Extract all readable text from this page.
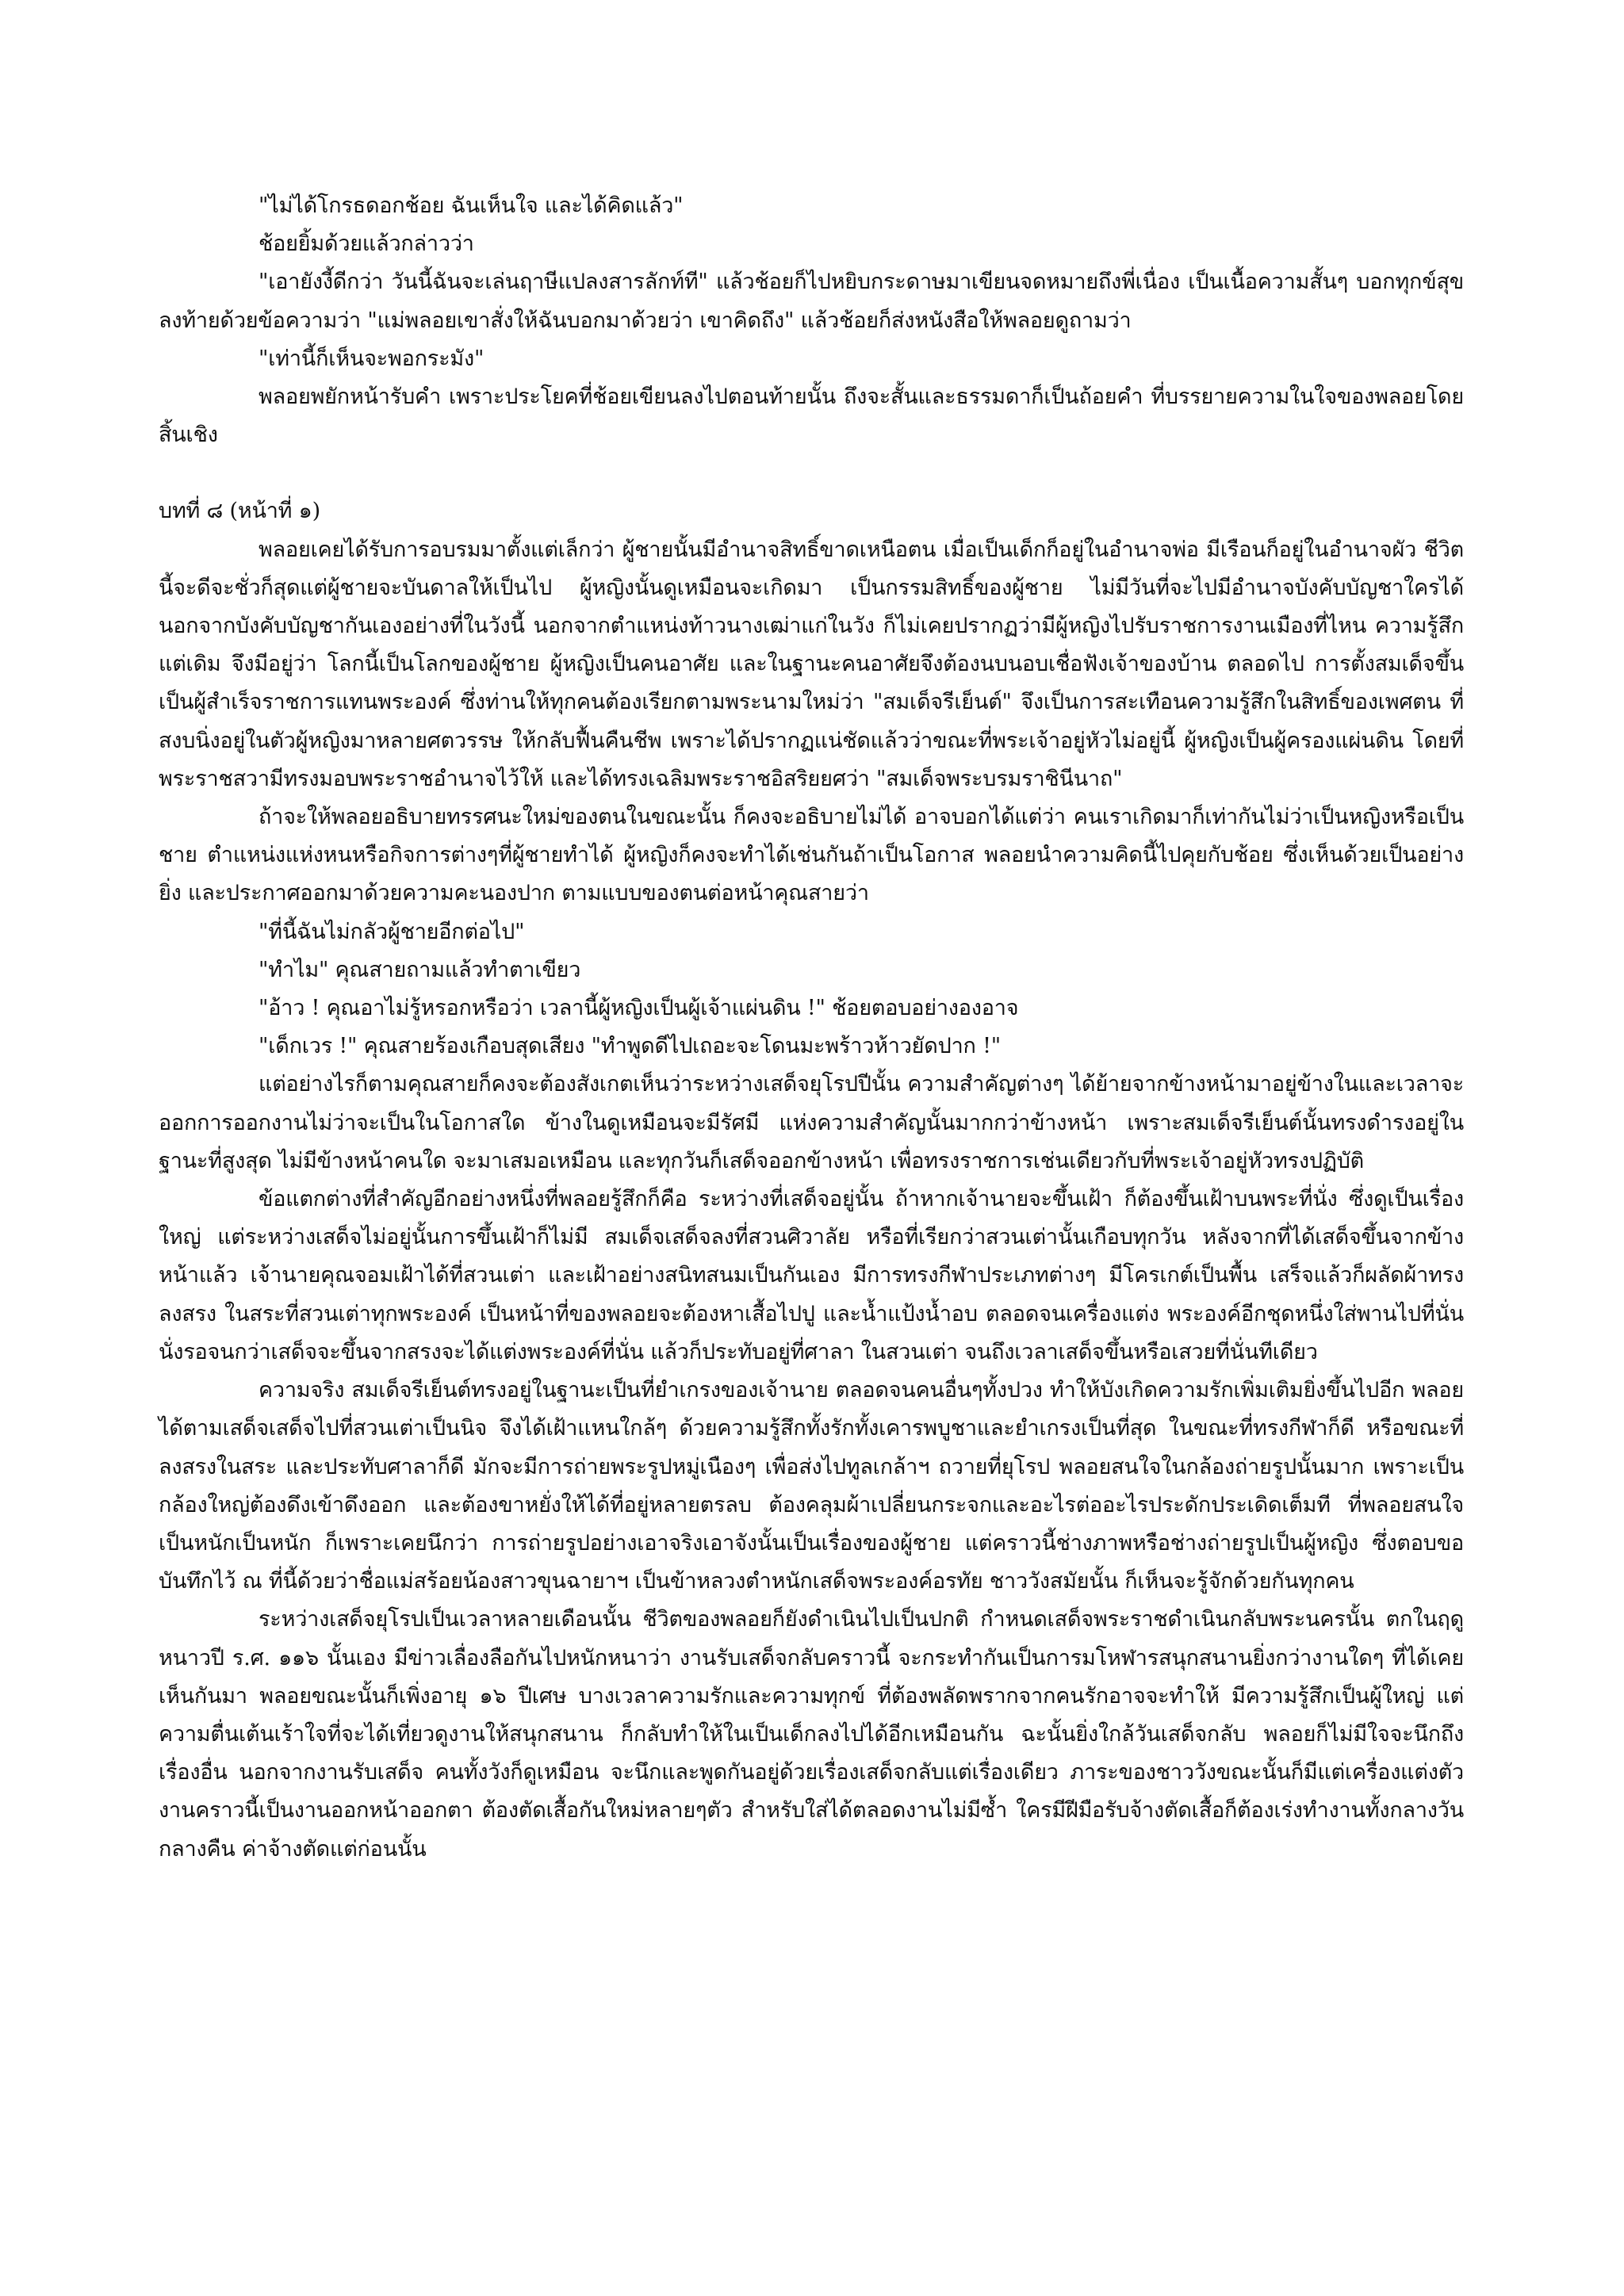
"ไม่ได้โกรธดอกช้อย ฉันเห็นใจ และได้คิดแล้ว"

ช้อยยิ้มด้วยแล้วกล่าวว่า

"เอายังงี้ดีกว่า วันนี้ฉันจะเล่นฤาษีแปลงสารลักท์ที" แล้วช้อยก็ไปหยิบกระดาษมาเขียนจดหมายถึงพี่เนื่อง เป็นเนื้อความสั้นๆ บอกทุกข์สุข ลงท้ายด้วยข้อความว่า "แม่พลอยเขาสั่งให้ฉันบอกมาด้วยว่า เขาคิดถึง" แล้วช้อยก็ส่งหนังสือให้พลอยดูถามว่า

"เท่านี้ก็เห็นจะพอกระมัง"

พลอยพยักหน้ารับคำ เพราะประโยคที่ช้อยเขียนลงไปตอนท้ายนั้น ถึงจะสั้นและธรรมดาก็เป็นถ้อยคำ ที่บรรยายความในใจของพลอยโดยสิ้นเชิง

บทที่ ๘ (หน้าที่ ๑)

พลอยเคยได้รับการอบรมมาตั้งแต่เล็กว่า ผู้ชายนั้นมีอำนาจสิทธิ์ขาดเหนือตน เมื่อเป็นเด็กก็อยู่ในอำนาจพ่อ มีเรือนก็อยู่ในอำนาจผัว ชีวิตนี้จะดีจะชั่วก็สุดแต่ผู้ชายจะบันดาลให้เป็นไป ผู้หญิงนั้นดูเหมือนจะเกิดมา เป็นกรรมสิทธิ์ของผู้ชาย ไม่มีวันที่จะไปมีอำนาจบังคับบัญชาใครได้ นอกจากบังคับบัญชากันเองอย่างที่ในวังนี้ นอกจากตำแหน่งท้าวนางเฒ่าแก่ในวัง ก็ไม่เคยปรากฏว่ามีผู้หญิงไปรับราชการงานเมืองที่ไหน ความรู้สึกแต่เดิม จึงมีอยู่ว่า โลกนี้เป็นโลกของผู้ชาย ผู้หญิงเป็นคนอาศัย และในฐานะคนอาศัยจึงต้องนบนอบเชื่อฟังเจ้าของบ้าน ตลอดไป การตั้งสมเด็จขึ้นเป็นผู้สำเร็จราชการแทนพระองค์ ซึ่งท่านให้ทุกคนต้องเรียกตามพระนามใหม่ว่า "สมเด็จรีเย็นต์" จึงเป็นการสะเทือนความรู้สึกในสิทธิ์ของเพศตน ที่สงบนิ่งอยู่ในตัวผู้หญิงมาหลายศตวรรษ ให้กลับฟื้นคืนชีพ เพราะได้ปรากฏแน่ชัดแล้วว่าขณะที่พระเจ้าอยู่หัวไม่อยู่นี้ ผู้หญิงเป็นผู้ครองแผ่นดิน โดยที่พระราชสวามีทรงมอบพระราชอำนาจไว้ให้ และได้ทรงเฉลิมพระราชอิสริยยศว่า "สมเด็จพระบรมราชินีนาถ"

ถ้าจะให้พลอยอธิบายทรรศนะใหม่ของตนในขณะนั้น ก็คงจะอธิบายไม่ได้ อาจบอกได้แต่ว่า คนเราเกิดมาก็เท่ากันไม่ว่าเป็นหญิงหรือเป็นชาย ตำแหน่งแห่งหนหรือกิจการต่างๆที่ผู้ชายทำได้ ผู้หญิงก็คงจะทำได้เช่นกันถ้าเป็นโอกาส พลอยนำความคิดนี้ไปคุยกับช้อย ซึ่งเห็นด้วยเป็นอย่างยิ่ง และประกาศออกมาด้วยความคะนองปาก ตามแบบของตนต่อหน้าคุณสายว่า

"ที่นี้ฉันไม่กลัวผู้ชายอีกต่อไป"

"ทำไม" คุณสายถามแล้วทำตาเขียว

"อ้าว ! คุณอาไม่รู้หรอกหรือว่า เวลานี้ผู้หญิงเป็นผู้เจ้าแผ่นดิน !" ช้อยตอบอย่างองอาจ

"เด็กเวร !" คุณสายร้องเกือบสุดเสียง "ทำพูดดีไปเถอะจะโดนมะพร้าวห้าวยัดปาก !"

แต่อย่างไรก็ตามคุณสายก็คงจะต้องสังเกตเห็นว่าระหว่างเสด็จยุโรปปีนั้น ความสำคัญต่างๆ ได้ย้ายจากข้างหน้ามาอยู่ข้างในและเวลาจะออกการออกงานไม่ว่าจะเป็นในโอกาสใด ข้างในดูเหมือนจะมีรัศมี แห่งความสำคัญนั้นมากกว่าข้างหน้า เพราะสมเด็จรีเย็นต์นั้นทรงดำรงอยู่ในฐานะที่สูงสุด ไม่มีข้างหน้าคนใด จะมาเสมอเหมือน และทุกวันก็เสด็จออกข้างหน้า เพื่อทรงราชการเช่นเดียวกับที่พระเจ้าอยู่หัวทรงปฏิบัติ

ข้อแตกต่างที่สำคัญอีกอย่างหนึ่งที่พลอยรู้สึกก็คือ ระหว่างที่เสด็จอยู่นั้น ถ้าหากเจ้านายจะขึ้นเฝ้า ก็ต้องขึ้นเฝ้าบนพระที่นั่ง ซึ่งดูเป็นเรื่องใหญ่ แต่ระหว่างเสด็จไม่อยู่นั้นการขึ้นเฝ้าก็ไม่มี สมเด็จเสด็จลงที่สวนศิวาลัย หรือที่เรียกว่าสวนเต่านั้นเกือบทุกวัน หลังจากที่ได้เสด็จขึ้นจากข้างหน้าแล้ว เจ้านายคุณจอมเฝ้าได้ที่สวนเต่า และเฝ้าอย่างสนิทสนมเป็นกันเอง มีการทรงกีฬาประเภทต่างๆ มีโครเกต์เป็นพื้น เสร็จแล้วก็ผลัดผ้าทรงลงสรง ในสระที่สวนเต่าทุกพระองค์ เป็นหน้าที่ของพลอยจะต้องหาเสื้อไปปู และน้ำแป้งน้ำอบ ตลอดจนเครื่องแต่ง พระองค์อีกชุดหนึ่งใส่พานไปที่นั่น นั่งรอจนกว่าเสด็จจะขึ้นจากสรงจะได้แต่งพระองค์ที่นั่น แล้วก็ประทับอยู่ที่ศาลา ในสวนเต่า จนถึงเวลาเสด็จขึ้นหรือเสวยที่นั่นทีเดียว

ความจริง สมเด็จรีเย็นต์ทรงอยู่ในฐานะเป็นที่ยำเกรงของเจ้านาย ตลอดจนคนอื่นๆทั้งปวง ทำให้บังเกิดความรักเพิ่มเติมยิ่งขึ้นไปอีก พลอยได้ตามเสด็จเสด็จไปที่สวนเต่าเป็นนิจ จึงได้เฝ้าแหนใกล้ๆ ด้วยความรู้สึกทั้งรักทั้งเคารพบูชาและยำเกรงเป็นที่สุด ในขณะที่ทรงกีฬาก็ดี หรือขณะที่ลงสรงในสระ และประทับศาลาก็ดี มักจะมีการถ่ายพระรูปหมู่เนืองๆ เพื่อส่งไปทูลเกล้าฯ ถวายที่ยุโรป พลอยสนใจในกล้องถ่ายรูปนั้นมาก เพราะเป็นกล้องใหญ่ต้องดึงเข้าดึงออก และต้องขาหยั่งให้ได้ที่อยู่หลายตรลบ ต้องคลุมผ้าเปลี่ยนกระจกและอะไรต่ออะไรประดักประเดิดเต็มที ที่พลอยสนใจเป็นหนักเป็นหนัก ก็เพราะเคยนึกว่า การถ่ายรูปอย่างเอาจริงเอาจังนั้นเป็นเรื่องของผู้ชาย แต่คราวนี้ช่างภาพหรือช่างถ่ายรูปเป็นผู้หญิง ซึ่งตอบขอบันทึกไว้ ณ ที่นี้ด้วยว่าชื่อแม่สร้อยน้องสาวขุนฉายาฯ เป็นข้าหลวงตำหนักเสด็จพระองค์อรทัย ชาววังสมัยนั้น ก็เห็นจะรู้จักด้วยกันทุกคน

ระหว่างเสด็จยุโรปเป็นเวลาหลายเดือนนั้น ชีวิตของพลอยก็ยังดำเนินไปเป็นปกติ กำหนดเสด็จพระราชดำเนินกลับพระนครนั้น ตกในฤดูหนาวปี ร.ศ. ๑๑๖ นั้นเอง มีข่าวเลื่องลือกันไปหนักหนาว่า งานรับเสด็จกลับคราวนี้ จะกระทำกันเป็นการมโหฬารสนุกสนานยิ่งกว่างานใดๆ ที่ได้เคยเห็นกันมา พลอยขณะนั้นก็เพิ่งอายุ ๑๖ ปีเศษ บางเวลาความรักและความทุกข์ ที่ต้องพลัดพรากจากคนรักอาจจะทำให้ มีความรู้สึกเป็นผู้ใหญ่ แต่ความตื่นเต้นเร้าใจที่จะได้เที่ยวดูงานให้สนุกสนาน ก็กลับทำให้ในเป็นเด็กลงไปได้อีกเหมือนกัน ฉะนั้นยิ่งใกล้วันเสด็จกลับ พลอยก็ไม่มีใจจะนึกถึงเรื่องอื่น นอกจากงานรับเสด็จ คนทั้งวังก็ดูเหมือน จะนึกและพูดกันอยู่ด้วยเรื่องเสด็จกลับแต่เรื่องเดียว ภาระของชาววังขณะนั้นก็มีแต่เครื่องแต่งตัว งานคราวนี้เป็นงานออกหน้าออกตา ต้องตัดเสื้อกันใหม่หลายๆตัว สำหรับใส่ได้ตลอดงานไม่มีซ้ำ ใครมีฝีมือรับจ้างตัดเสื้อก็ต้องเร่งทำงานทั้งกลางวันกลางคืน ค่าจ้างตัดแต่ก่อนนั้น
